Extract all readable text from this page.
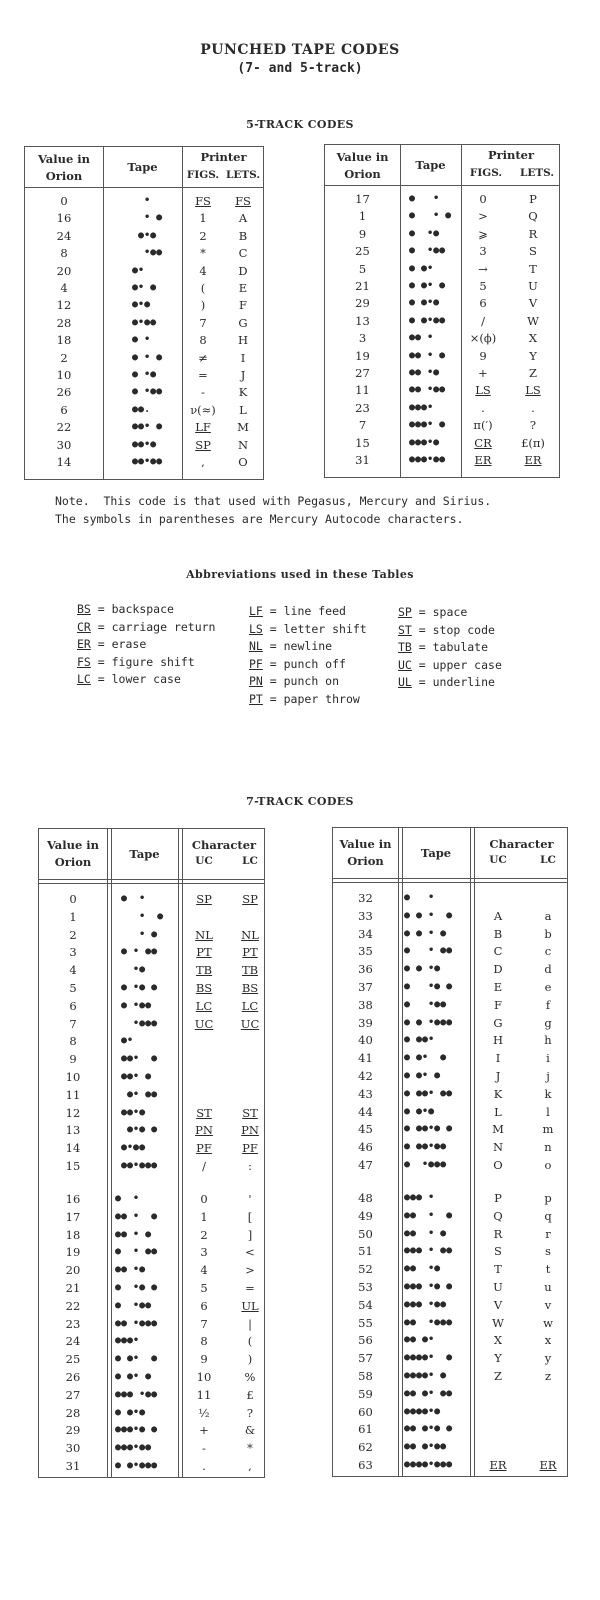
PUNCHED TAPE CODES
(7- and 5-track)
5-TRACK CODES
Value in Orion
Tape
Printer
FIGS. LETS.
0	•	FS	FS
16	• ●	1	A
24	●•●	2	B
8	•●●	*	C
20	●•	4	D
4	●• ●	(	E
12	●•●	)	F
28	●•●●	7	G
18	● •	8	H
2	● • ●	≠	I
10	● •●	=	J
26	● •●●	-	K
6	●●.	ν(≈)	L
22	●●• ●	LF	M
30	●●•●	SP	N
14	●●•●●	,	O
Value in Orion
Tape
Printer
FIGS.	LETS.
17	●   •	0	P
1	●   • ●	>	Q
9	●  •●	⩾	R
25	●  •●●	3	S
5	● ●•	→	T
21	● ●• ●	5	U
29	● ●•●	6	V
13	● ●•●●	/	W
3	●● •	×(ϕ)	X
19	●● • ●	9	Y
27	●● •●	+	Z
11	●● •●●	LS	LS
23	●●●•	.	.
7	●●●• ●	π(′)	?
15	●●●•●	CR	£(π)
31	●●●•●●	ER	ER
Note.  This code is that used with Pegasus, Mercury and Sirius.
The symbols in parentheses are Mercury Autocode characters.
Abbreviations used in these Tables
BS = backspace
CR = carriage return
ER = erase
FS = figure shift
LC = lower case
LF = line feed
LS = letter shift
NL = newline
PF = punch off
PN = punch on
PT = paper throw
SP = space
ST = stop code
TB = tabulate
UC = upper case
UL = underline
7-TRACK CODES
Value in Orion
Tape
Character
UC	LC
0	●  •	SP	SP
1	•  ●
2	• ●	NL	NL
3	● • ●●	PT	PT
4	•●	TB	TB
5	● •● ●	BS	BS
6	● •●●	LC	LC
7	•●●●	UC	UC
8	●•
9	●●•  ●
10	●●• ●
11	●• ●●
12	●●•●	ST	ST
13	●•● ●	PN	PN
14	●•●●	PF	PF
15	●●•●●●	/	:
16	●  •	0	'
17	●● •  ●	1	[
18	●● • ●	2	]
19	●  • ●●	3	<
20	●● •●	4	>
21	●  •● ●	5	=
22	●  •●●	6	UL
23	●● •●●●	7	|
24	●●●•	8	(
25	● ●•  ●	9	)
26	● ●• ●	10	%
27	●●● •●●	11	£
28	● ●•●	½	?
29	●●●•● ●	+	&
30	●●●•●●	-	*
31	● ●•●●●	.	,
Value in Orion
Tape
Character
UC	LC
32	●   •
33	● ● •  ●	A	a
34	● ● • ●	B	b
35	●   • ●●	C	c
36	● ● •●	D	d
37	●   •● ●	E	e
38	●   •●●	F	f
39	● ● •●●●	G	g
40	● ●●•	H	h
41	● ●•  ●	I	i
42	● ●• ●	J	j
43	● ●●• ●●	K	k
44	● ●•●	L	l
45	● ●●•● ●	M	m
46	● ●●•●●	N	n
47	●  •●●●	O	o
48	●●● •	P	p
49	●●  •  ●	Q	q
50	●●  • ●	R	r
51	●●● • ●●	S	s
52	●●  •●	T	t
53	●●● •● ●	U	u
54	●●● •●●	V	v
55	●●  •●●●	W	w
56	●● ●•	X	x
57	●●●●•  ●	Y	y
58	●●●●• ●	Z	z
59	●● ●• ●●
60	●●●●•●
61	●● ●•● ●
62	●● ●•●●
63	●●●●•●●●	ER	ER
